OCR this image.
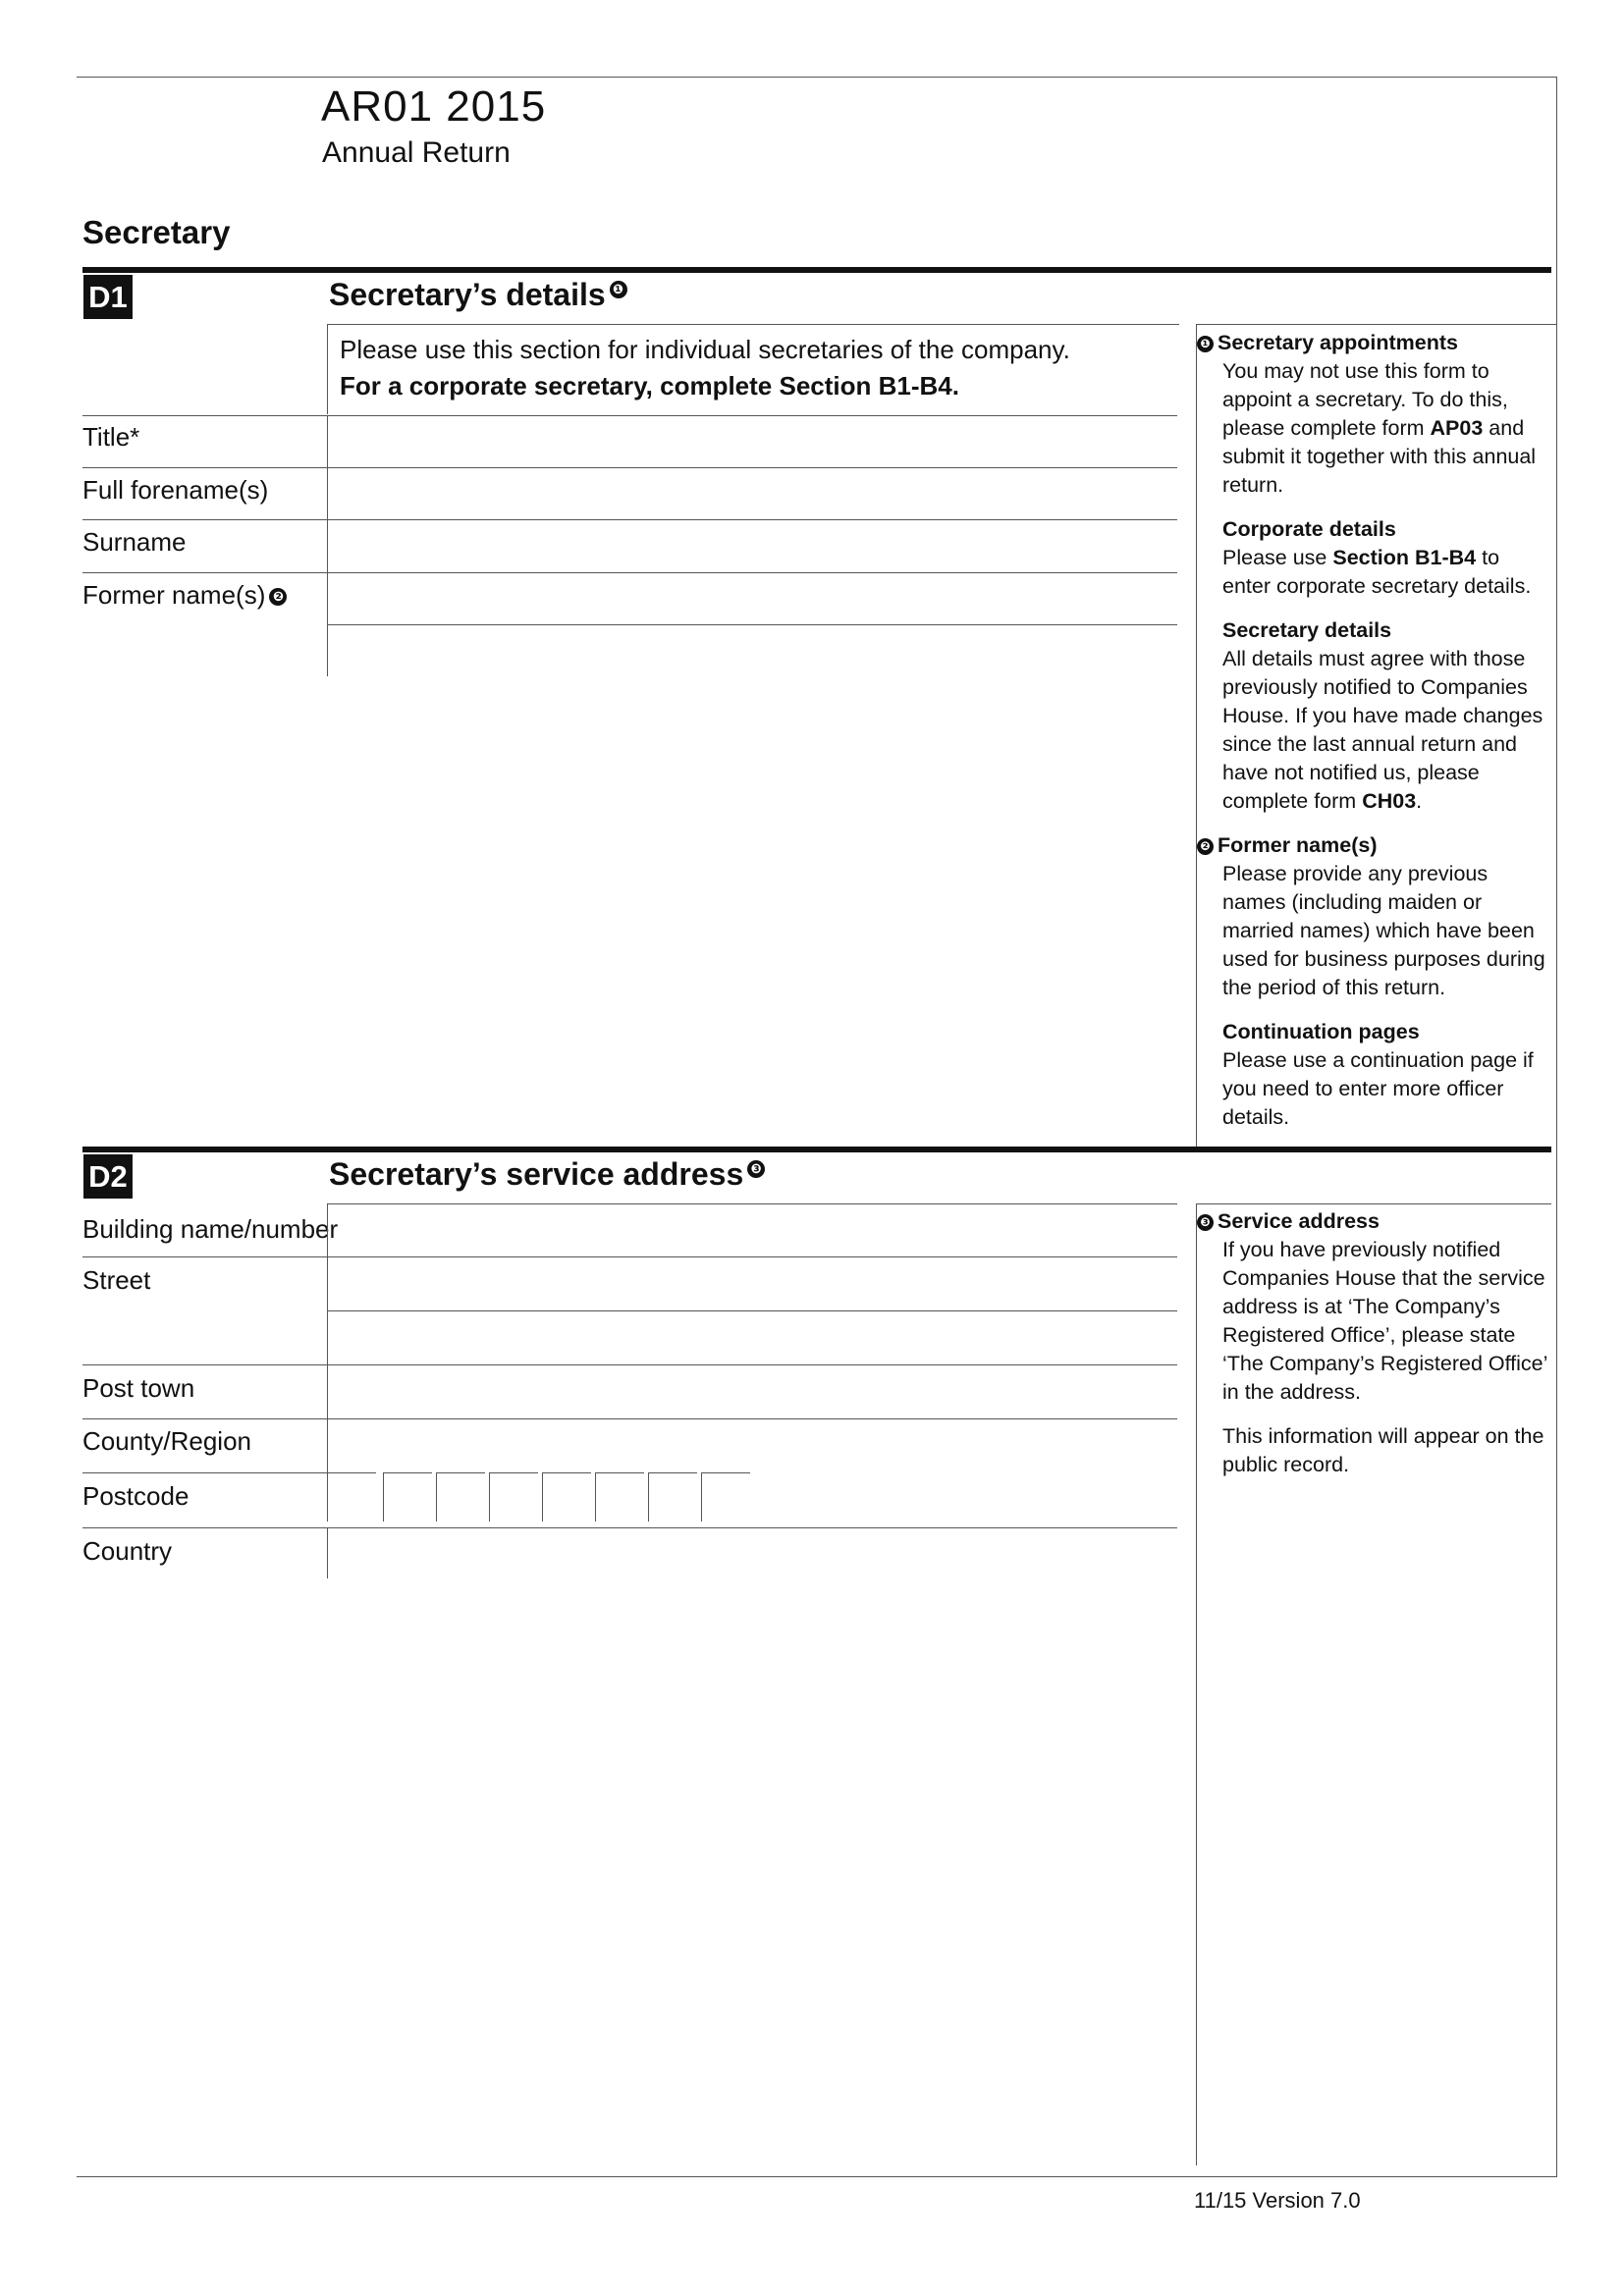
AR01 2015
Annual Return
Secretary
D1	Secretary’s details ❶
Please use this section for individual secretaries of the company.
For a corporate secretary, complete Section B1-B4.
Title*
Full forename(s)
Surname
Former name(s) ❷
❶ Secretary appointments
You may not use this form to appoint a secretary. To do this, please complete form AP03 and submit it together with this annual return.
Corporate details
Please use Section B1-B4 to enter corporate secretary details.
Secretary details
All details must agree with those previously notified to Companies House. If you have made changes since the last annual return and have not notified us, please complete form CH03.
❷ Former name(s)
Please provide any previous names (including maiden or married names) which have been used for business purposes during the period of this return.
Continuation pages
Please use a continuation page if you need to enter more officer details.
D2	Secretary’s service address ❸
Building name/number
Street
Post town
County/Region
Postcode
Country
❸ Service address
If you have previously notified Companies House that the service address is at ‘The Company’s Registered Office’, please state ‘The Company’s Registered Office’ in the address.
This information will appear on the public record.
11/15 Version 7.0
